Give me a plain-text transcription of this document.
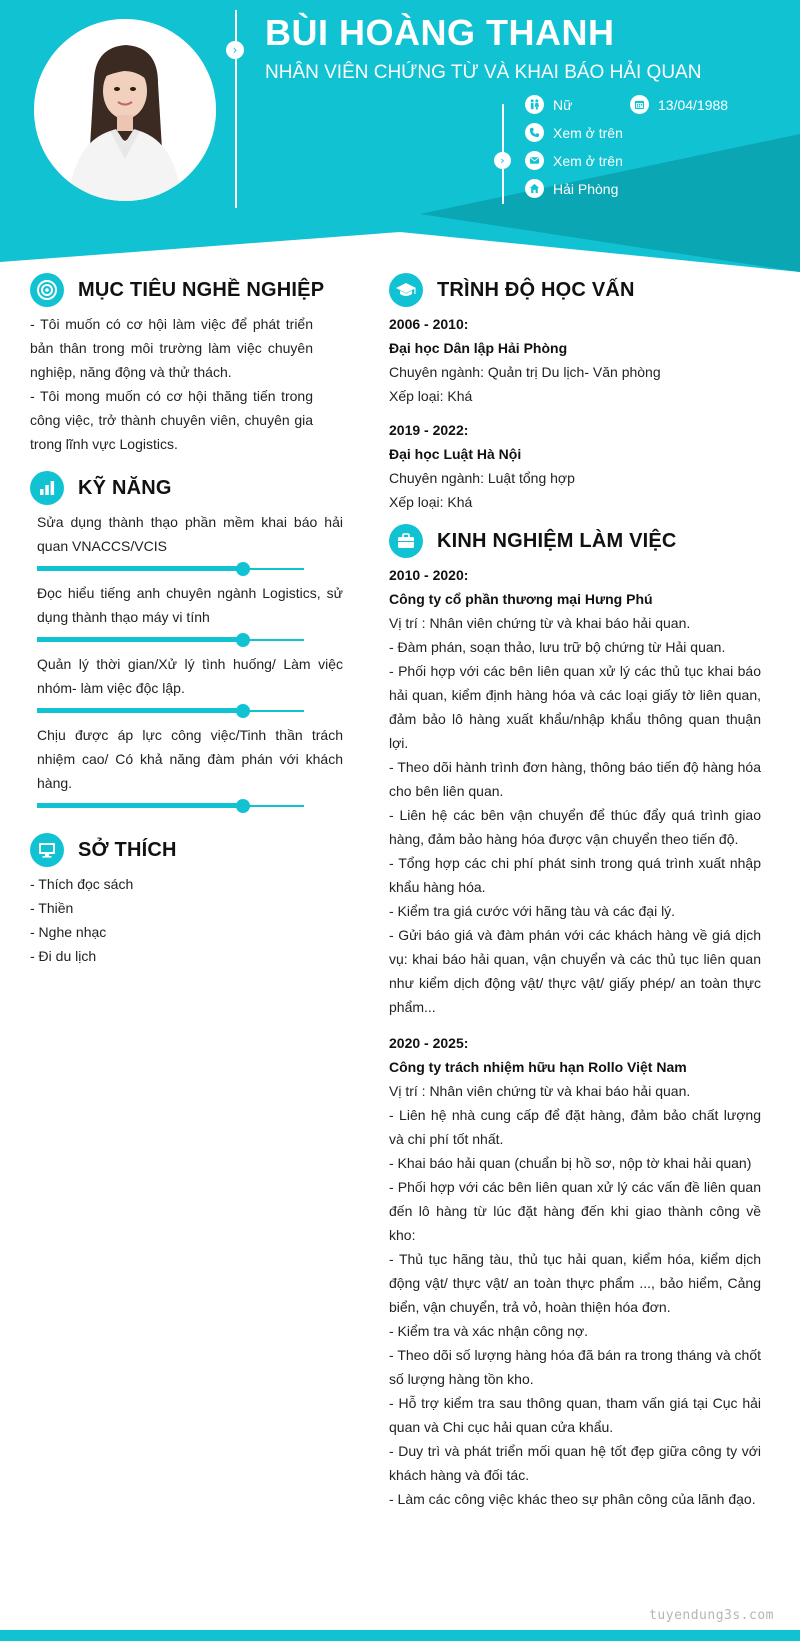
› BÙI HOÀNG THANH
NHÂN VIÊN CHỨNG TỪ VÀ KHAI BÁO HẢI QUAN
›
Nữ	13/04/1988
Xem ở trên
Xem ở trên
Hải Phòng
MỤC TIÊU NGHỀ NGHIỆP

- Tôi muốn có cơ hội làm việc để phát triển bản thân trong môi trường làm việc chuyên nghiệp, năng động và thử thách.

- Tôi mong muốn có cơ hội thăng tiến trong công việc, trở thành chuyên viên, chuyên gia trong lĩnh vực Logistics.

KỸ NĂNG
Sửa dụng thành thạo phần mềm khai báo hải quan VNACCS/VCIS
Đọc hiểu tiếng anh chuyên ngành Logistics, sử dụng thành thạo máy vi tính
Quản lý thời gian/Xử lý tình huống/ Làm việc nhóm- làm việc độc lập.
Chịu được áp lực công việc/Tinh thần trách nhiệm cao/ Có khả năng đàm phán với khách hàng.
SỞ THÍCH
- Thích đọc sách
- Thiền
- Nghe nhạc
- Đi du lịch
TRÌNH ĐỘ HỌC VẤN
2006 - 2010:
Đại học Dân lập Hải Phòng
Chuyên ngành: Quản trị Du lịch- Văn phòng
Xếp loại: Khá
2019 - 2022:
Đại học Luật Hà Nội
Chuyên ngành: Luật tổng hợp
Xếp loại: Khá
KINH NGHIỆM LÀM VIỆC
2010 - 2020:
Công ty cổ phần thương mại Hưng Phú
Vị trí : Nhân viên chứng từ và khai báo hải quan.
- Đàm phán, soạn thảo, lưu trữ bộ chứng từ Hải quan.
- Phối hợp với các bên liên quan xử lý các thủ tục khai báo hải quan, kiểm định hàng hóa và các loại giấy tờ liên quan, đảm bảo lô hàng xuất khẩu/nhập khẩu thông quan thuận lợi.
- Theo dõi hành trình đơn hàng, thông báo tiến độ hàng hóa cho bên liên quan.
- Liên hệ các bên vận chuyển để thúc đẩy quá trình giao hàng, đảm bảo hàng hóa được vận chuyển theo tiến độ.
- Tổng hợp các chi phí phát sinh trong quá trình xuất nhập khẩu hàng hóa.
- Kiểm tra giá cước với hãng tàu và các đại lý.
- Gửi báo giá và đàm phán với các khách hàng về giá dịch vụ: khai báo hải quan, vận chuyển và các thủ tục liên quan như kiểm dịch động vật/ thực vật/ giấy phép/ an toàn thực phẩm...
2020 - 2025:
Công ty trách nhiệm hữu hạn Rollo Việt Nam
Vị trí : Nhân viên chứng từ và khai báo hải quan.
- Liên hệ nhà cung cấp để đặt hàng, đảm bảo chất lượng và chi phí tốt nhất.
- Khai báo hải quan (chuẩn bị hồ sơ, nộp tờ khai hải quan)
- Phối hợp với các bên liên quan xử lý các vấn đề liên quan đến lô hàng từ lúc đặt hàng đến khi giao thành công về kho:
- Thủ tục hãng tàu, thủ tục hải quan, kiểm hóa, kiểm dịch động vật/ thực vật/ an toàn thực phẩm ..., bảo hiểm, Cảng biển, vận chuyển, trả vỏ, hoàn thiện hóa đơn.
- Kiểm tra và xác nhận công nợ.
- Theo dõi số lượng hàng hóa đã bán ra trong tháng và chốt số lượng hàng tồn kho.
- Hỗ trợ kiểm tra sau thông quan, tham vấn giá tại Cục hải quan và Chi cục hải quan cửa khẩu.
- Duy trì và phát triển mối quan hệ tốt đẹp giữa công ty với khách hàng và đối tác.
- Làm các công việc khác theo sự phân công của lãnh đạo.
tuyendung3s.com
